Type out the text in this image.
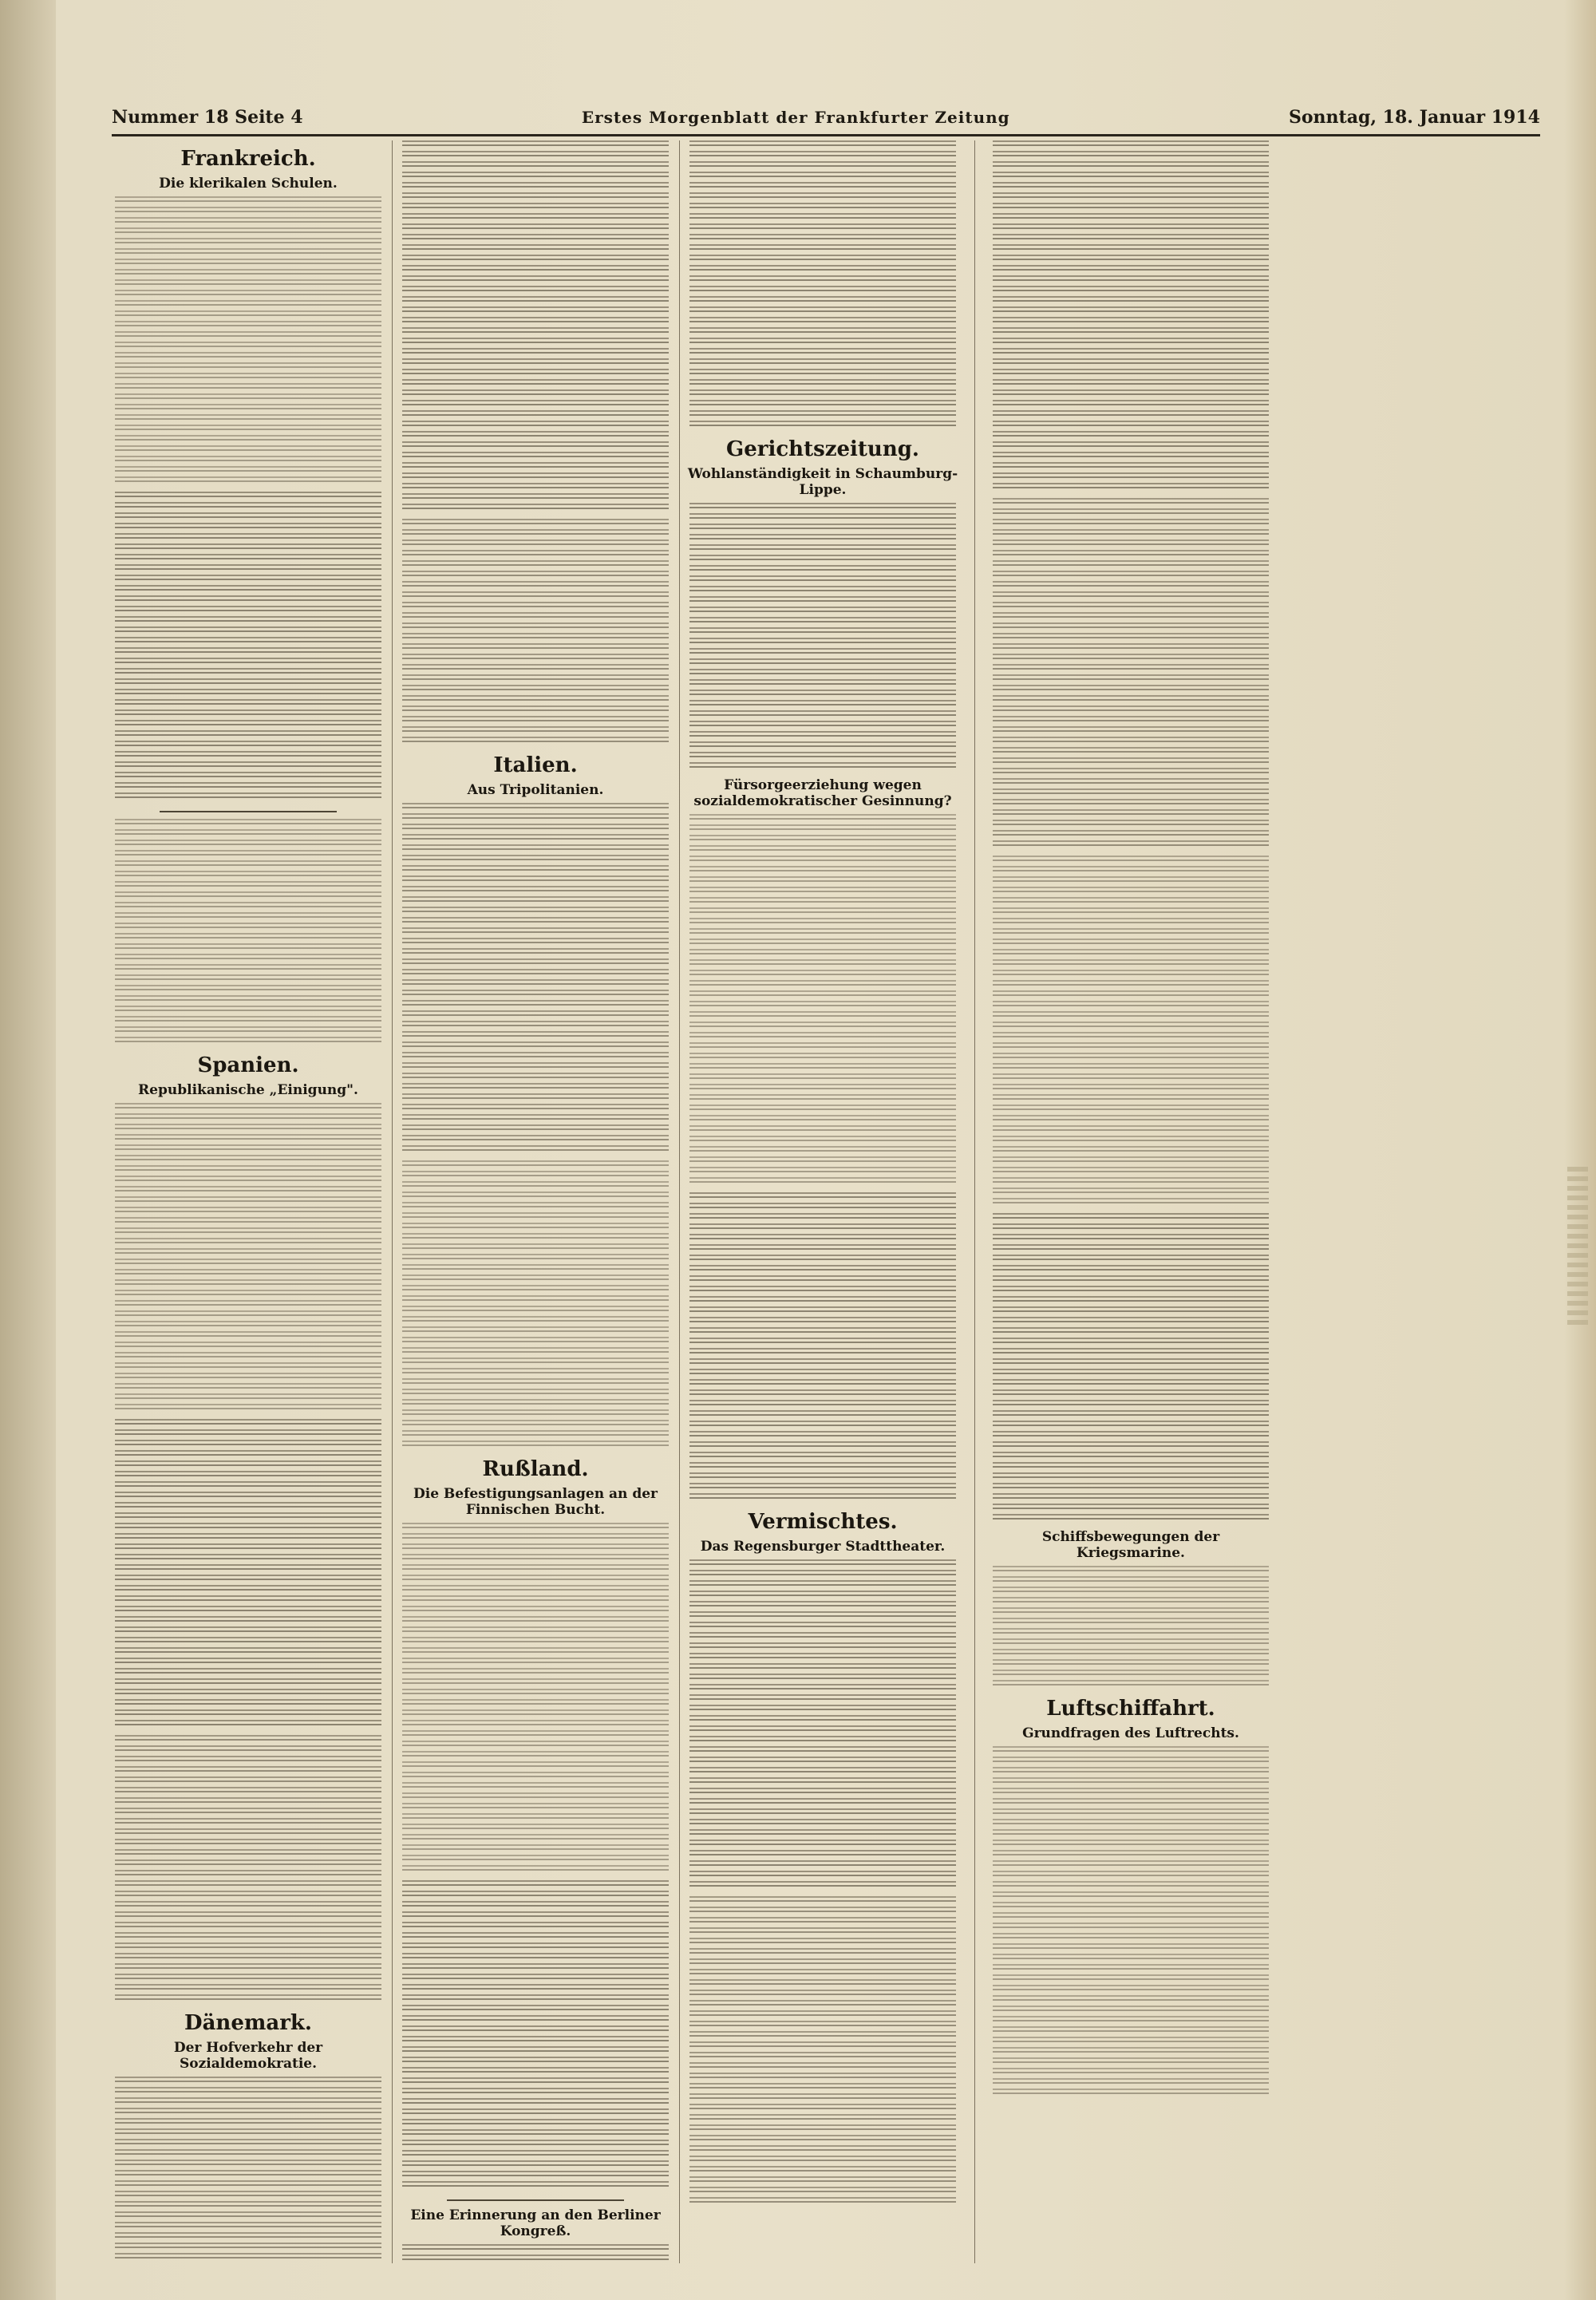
Nummer 18 Seite 4	Erstes Morgenblatt der Frankfurter Zeitung	Sonntag, 18. Januar 1914
Frankreich.
Die klerikalen Schulen.
Spanien.
Republikanische „Einigung".
Dänemark.
Der Hofverkehr der Sozialdemokratie.
Italien.
Aus Tripolitanien.
Rußland.
Die Befestigungsanlagen an der Finnischen Bucht.
Eine Erinnerung an den Berliner Kongreß.
Gerichtszeitung.
Wohlanständigkeit in Schaumburg-Lippe.
Fürsorgeerziehung wegen sozialdemokratischer Gesinnung?
Vermischtes.
Das Regensburger Stadttheater.
Schiffsbewegungen der Kriegsmarine.
Luftschiffahrt.
Grundfragen des Luftrechts.
